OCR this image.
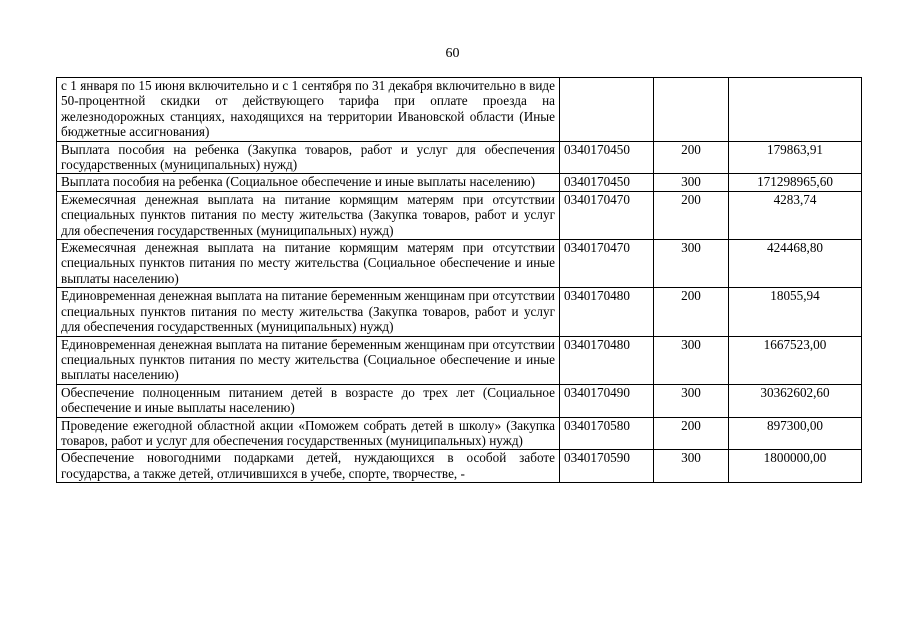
60
с 1 января по 15 июня включительно и с 1 сентября по 31 декабря включительно в виде 50-процентной скидки от действующего тарифа при оплате проезда на железнодорожных станциях, находящихся на территории Ивановской области (Иные бюджетные ассигнования)			
Выплата пособия на ребенка (Закупка товаров, работ и услуг для обеспечения государственных (муниципальных) нужд)	0340170450	200	179863,91
Выплата пособия на ребенка (Социальное обеспечение и иные выплаты населению)	0340170450	300	171298965,60
Ежемесячная денежная выплата на питание кормящим матерям при отсутствии специальных пунктов питания по месту жительства (Закупка товаров, работ и услуг для обеспечения государственных (муниципальных) нужд)	0340170470	200	4283,74
Ежемесячная денежная выплата на питание кормящим матерям при отсутствии специальных пунктов питания по месту жительства (Социальное обеспечение и иные выплаты населению)	0340170470	300	424468,80
Единовременная денежная выплата на питание беременным женщинам при отсутствии специальных пунктов питания по месту жительства (Закупка товаров, работ и услуг для обеспечения государственных (муниципальных) нужд)	0340170480	200	18055,94
Единовременная денежная выплата на питание беременным женщинам при отсутствии специальных пунктов питания по месту жительства (Социальное обеспечение и иные выплаты населению)	0340170480	300	1667523,00
Обеспечение полноценным питанием детей в возрасте до трех лет (Социальное обеспечение и иные выплаты населению)	0340170490	300	30362602,60
Проведение ежегодной областной акции «Поможем собрать детей в школу» (Закупка товаров, работ и услуг для обеспечения государственных (муниципальных) нужд)	0340170580	200	897300,00

Обеспечение новогодними подарками детей, нуждающихся в особой заботе государства, а также детей, отличившихся в учебе, спорте, творчестве, -	0340170590	300	1800000,00
